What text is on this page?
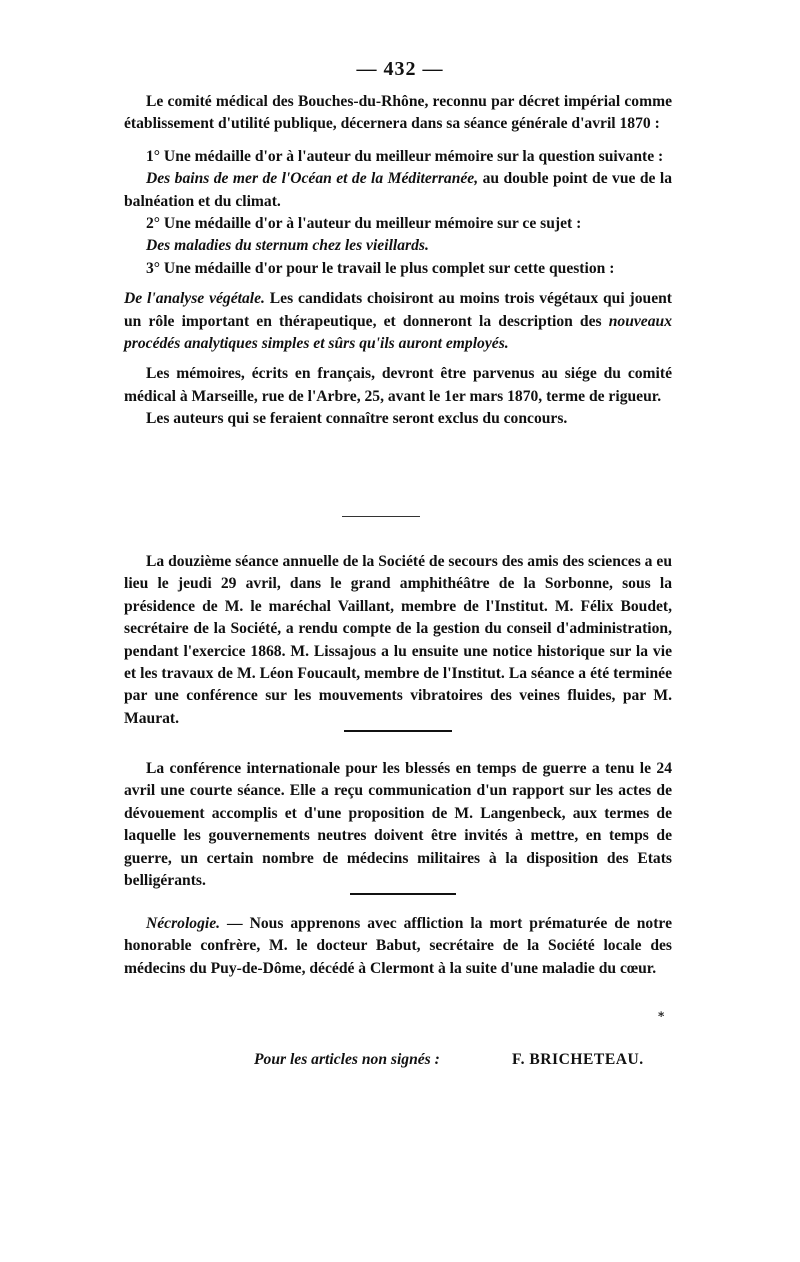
— 432 —

Le comité médical des Bouches-du-Rhône, reconnu par décret impérial comme établissement d'utilité publique, décernera dans sa séance générale d'avril 1870 :

1° Une médaille d'or à l'auteur du meilleur mémoire sur la question suivante :

Des bains de mer de l'Océan et de la Méditerranée, au double point de vue de la balnéation et du climat.

2° Une médaille d'or à l'auteur du meilleur mémoire sur ce sujet :

Des maladies du sternum chez les vieillards.

3° Une médaille d'or pour le travail le plus complet sur cette question :

De l'analyse végétale. Les candidats choisiront au moins trois végétaux qui jouent un rôle important en thérapeutique, et donneront la description des nouveaux procédés analytiques simples et sûrs qu'ils auront employés.

Les mémoires, écrits en français, devront être parvenus au siége du comité médical à Marseille, rue de l'Arbre, 25, avant le 1er mars 1870, terme de rigueur.

Les auteurs qui se feraient connaître seront exclus du concours.

La douzième séance annuelle de la Société de secours des amis des sciences a eu lieu le jeudi 29 avril, dans le grand amphithéâtre de la Sorbonne, sous la présidence de M. le maréchal Vaillant, membre de l'Institut. M. Félix Boudet, secrétaire de la Société, a rendu compte de la gestion du conseil d'administration, pendant l'exercice 1868. M. Lissajous a lu ensuite une notice historique sur la vie et les travaux de M. Léon Foucault, membre de l'Institut. La séance a été terminée par une conférence sur les mouvements vibratoires des veines fluides, par M. Maurat.

La conférence internationale pour les blessés en temps de guerre a tenu le 24 avril une courte séance. Elle a reçu communication d'un rapport sur les actes de dévouement accomplis et d'une proposition de M. Langenbeck, aux termes de laquelle les gouvernements neutres doivent être invités à mettre, en temps de guerre, un certain nombre de médecins militaires à la disposition des Etats belligérants.

Nécrologie. — Nous apprenons avec affliction la mort prématurée de notre honorable confrère, M. le docteur Babut, secrétaire de la Société locale des médecins du Puy-de-Dôme, décédé à Clermont à la suite d'une maladie du cœur.

⁎
Pour les articles non signés :	F. BRICHETEAU.
